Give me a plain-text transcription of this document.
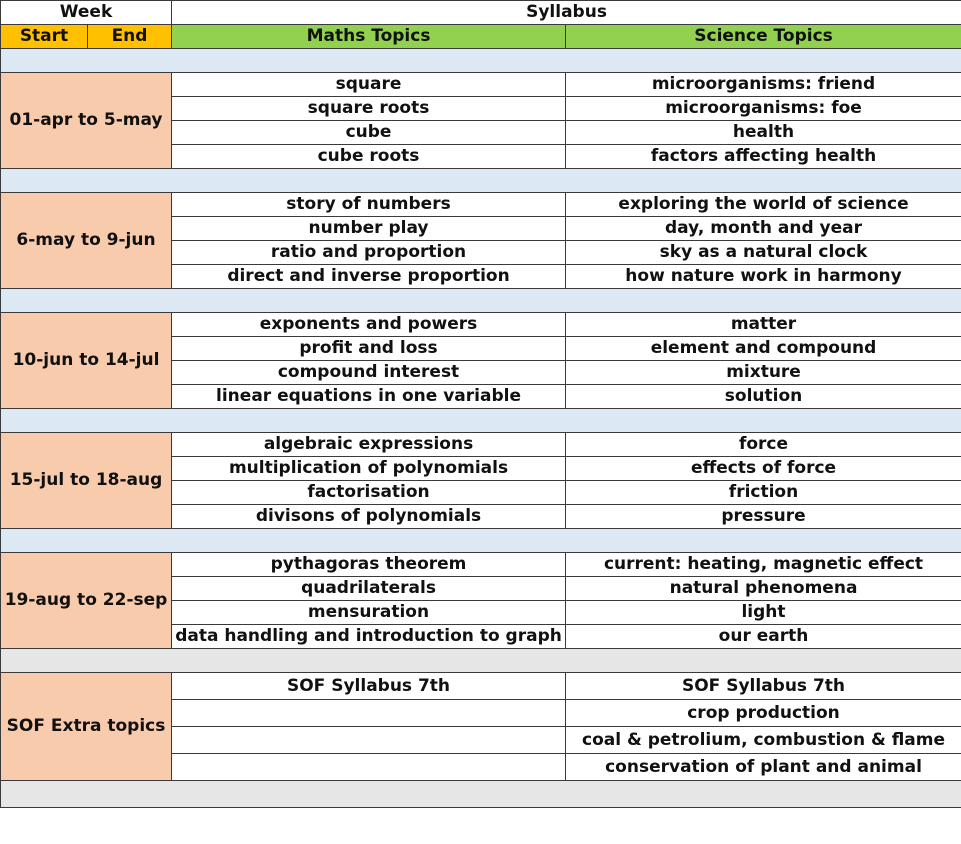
Week		Syllabus	
Start	End	Maths Topics	Science Topics

01-apr to 5-may		square	microorganisms: friend
		square roots	microorganisms: foe
		cube	health
		cube roots	factors affecting health

6-may to 9-jun		story of numbers	exploring the world of science
		number play	day, month and year
		ratio and proportion	sky as a natural clock
		direct and inverse proportion	how nature work in harmony

10-jun to 14-jul		exponents and powers	matter
		profit and loss	element and compound
		compound interest	mixture
		linear equations in one variable	solution

15-jul to 18-aug		algebraic expressions	force
		multiplication of polynomials	effects of force
		factorisation	friction
		divisons of polynomials	pressure

19-aug to 22-sep		pythagoras theorem	current: heating, magnetic effect
		quadrilaterals	natural phenomena
		mensuration	light
		data handling and introduction to graph	our earth

SOF Extra topics		SOF Syllabus 7th	SOF Syllabus 7th
			crop production
			coal & petrolium, combustion & flame
			conservation of plant and animal
